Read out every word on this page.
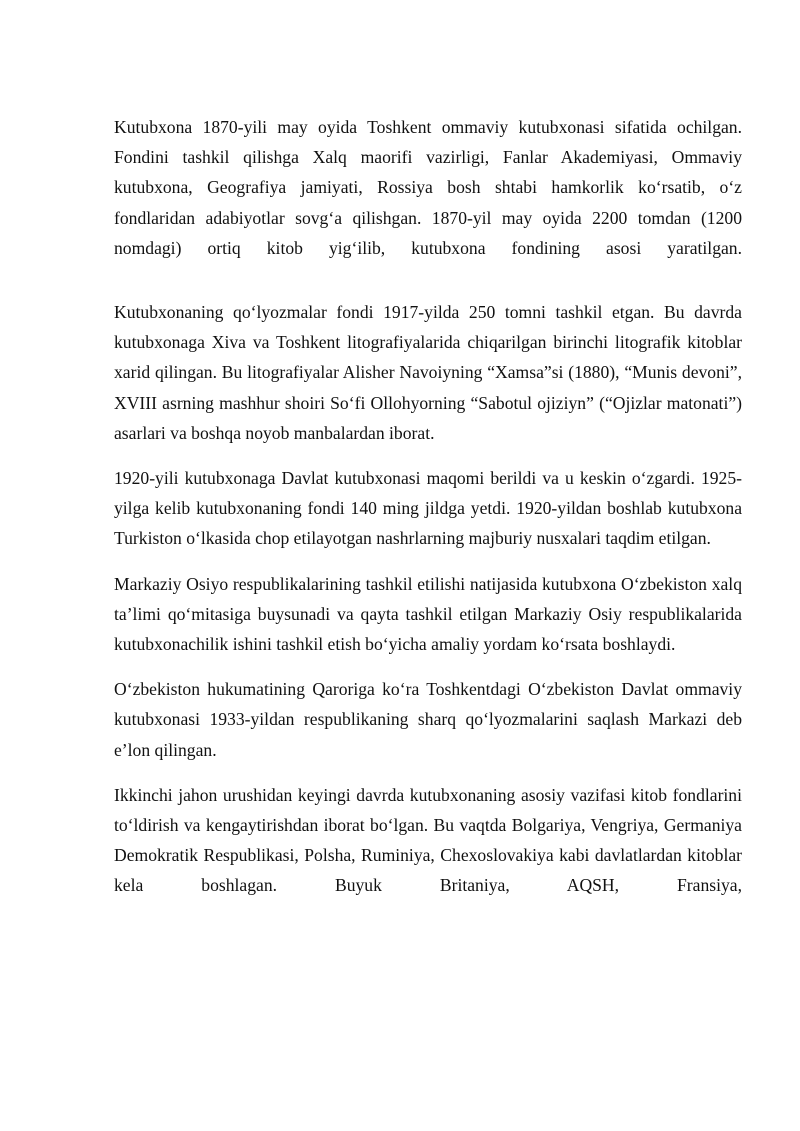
Kutubxona 1870-yili may oyida Toshkent ommaviy kutubxonasi sifatida ochilgan. Fondini tashkil qilishga Xalq maorifi vazirligi, Fanlar Akademiyasi, Ommaviy kutubxona, Geografiya jamiyati, Rossiya bosh shtabi hamkorlik ko‘rsatib, o‘z fondlaridan adabiyotlar sovg‘a qilishgan. 1870-yil may oyida 2200 tomdan (1200 nomdagi) ortiq kitob yig‘ilib, kutubxona fondining asosi yaratilgan.

Kutubxonaning qo‘lyozmalar fondi 1917-yilda 250 tomni tashkil etgan. Bu davrda kutubxonaga Xiva va Toshkent litografiyalarida chiqarilgan birinchi litografik kitoblar xarid qilingan. Bu litografiyalar Alisher Navoiyning “Xamsa”si (1880), “Munis devoni”, XVIII asrning mashhur shoiri So‘fi Ollohyorning “Sabotul ojiziyn” (“Ojizlar matonati”) asarlari va boshqa noyob manbalardan iborat.

1920-yili kutubxonaga Davlat kutubxonasi maqomi berildi va u keskin o‘zgardi. 1925-yilga kelib kutubxonaning fondi 140 ming jildga yetdi. 1920-yildan boshlab kutubxona Turkiston o‘lkasida chop etilayotgan nashrlarning majburiy nusxalari taqdim etilgan.

Markaziy Osiyo respublikalarining tashkil etilishi natijasida kutubxona O‘zbekiston xalq ta’limi qo‘mitasiga buysunadi va qayta tashkil etilgan Markaziy Osiy respublikalarida kutubxonachilik ishini tashkil etish bo‘yicha amaliy yordam ko‘rsata boshlaydi.

O‘zbekiston hukumatining Qaroriga ko‘ra Toshkentdagi O‘zbekiston Davlat ommaviy kutubxonasi 1933-yildan respublikaning sharq qo‘lyozmalarini saqlash Markazi deb e’lon qilingan.

Ikkinchi jahon urushidan keyingi davrda kutubxonaning asosiy vazifasi kitob fondlarini to‘ldirish va kengaytirishdan iborat bo‘lgan. Bu vaqtda Bolgariya, Vengriya, Germaniya Demokratik Respublikasi, Polsha, Ruminiya, Chexoslovakiya kabi davlatlardan kitoblar kela boshlagan. Buyuk Britaniya, AQSH, Fransiya,
